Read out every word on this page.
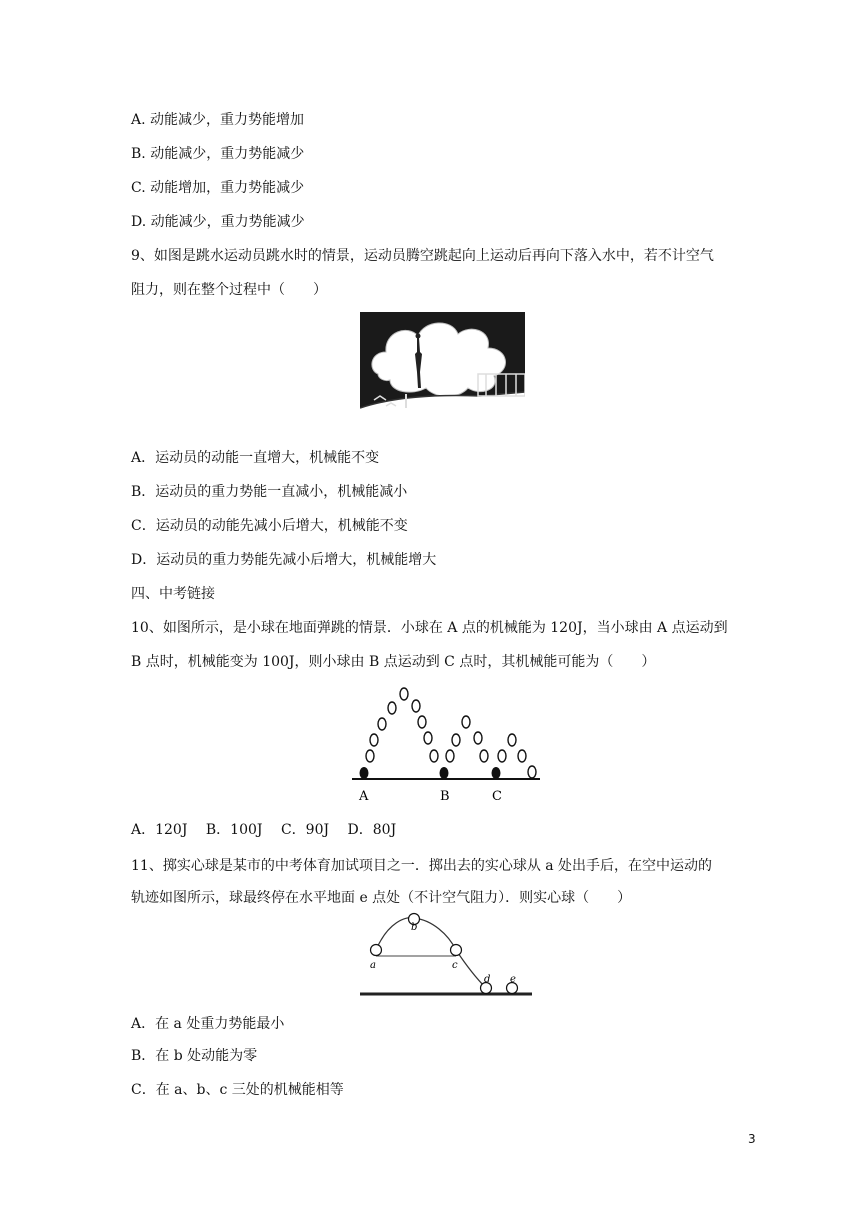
A. 动能减少，重力势能增加
B. 动能减少，重力势能减少
C. 动能增加，重力势能减少
D. 动能减少，重力势能减少
9、如图是跳水运动员跳水时的情景，运动员腾空跳起向上运动后再向下落入水中，若不计空气
阻力，则在整个过程中（　　）
A．运动员的动能一直增大，机械能不变
B．运动员的重力势能一直减小，机械能减小
C．运动员的动能先减小后增大，机械能不变
D．运动员的重力势能先减小后增大，机械能增大
四、中考链接
10、如图所示，是小球在地面弹跳的情景．小球在 A 点的机械能为 120J，当小球由 A 点运动到
B 点时，机械能变为 100J，则小球由 B 点运动到 C 点时，其机械能可能为（　　）
A	B	C
A．120J　 B．100J　 C．90J　 D．80J
11、掷实心球是某市的中考体育加试项目之一．掷出去的实心球从 a 处出手后，在空中运动的
轨迹如图所示，球最终停在水平地面 e 点处（不计空气阻力）．则实心球（　　）
a
b
c
d e
A．在 a 处重力势能最小
B．在 b 处动能为零
C．在 a、b、c 三处的机械能相等
3
